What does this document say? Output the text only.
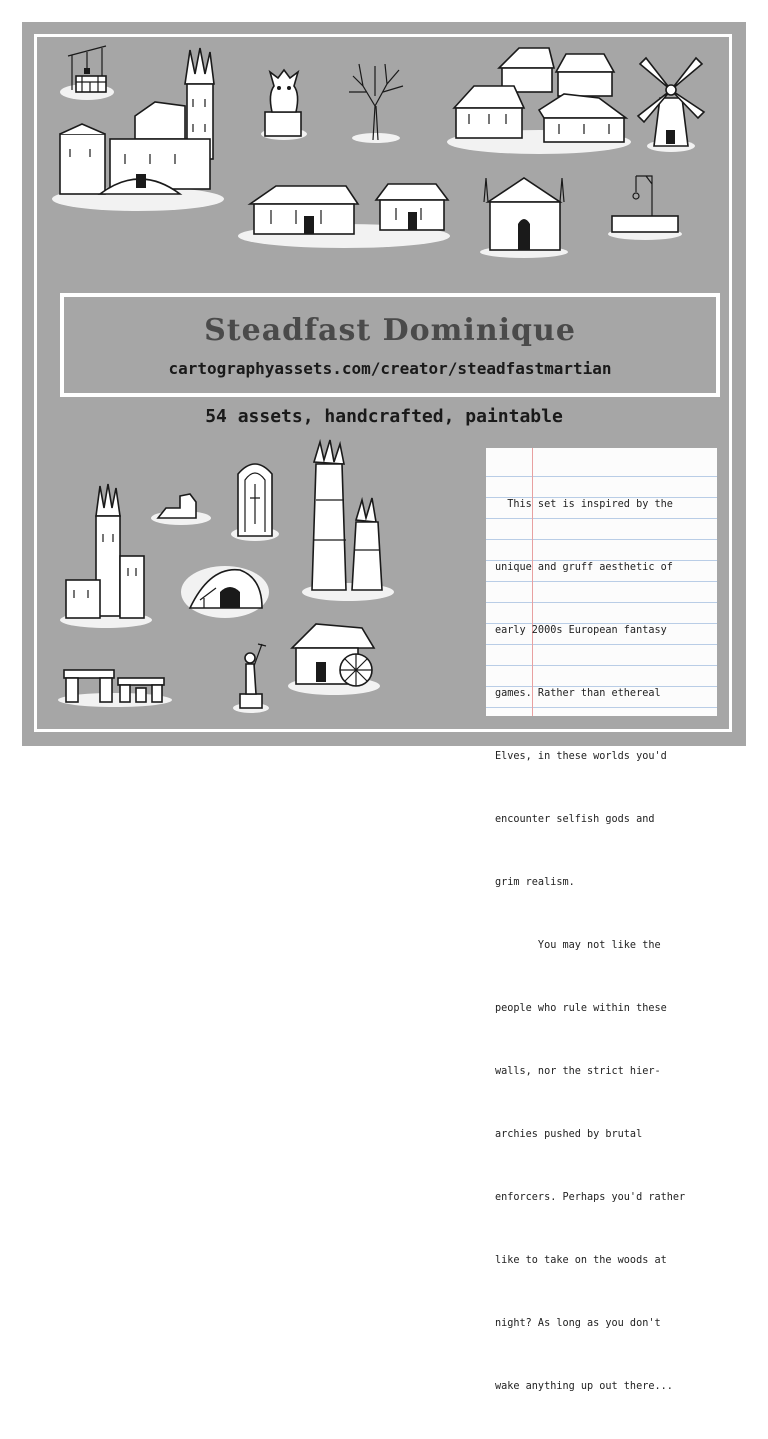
Steadfast Dominique
cartographyassets.com/creator/steadfastmartian
54 assets, handcrafted, paintable

This set is inspired by the

unique and gruff aesthetic of

early 2000s European fantasy

games. Rather than ethereal

Elves, in these worlds you'd

encounter selfish gods and

grim realism.

You may not like the

people who rule within these

walls, nor the strict hier-

archies pushed by brutal

enforcers. Perhaps you'd rather

like to take on the woods at

night? As long as you don't

wake anything up out there...
